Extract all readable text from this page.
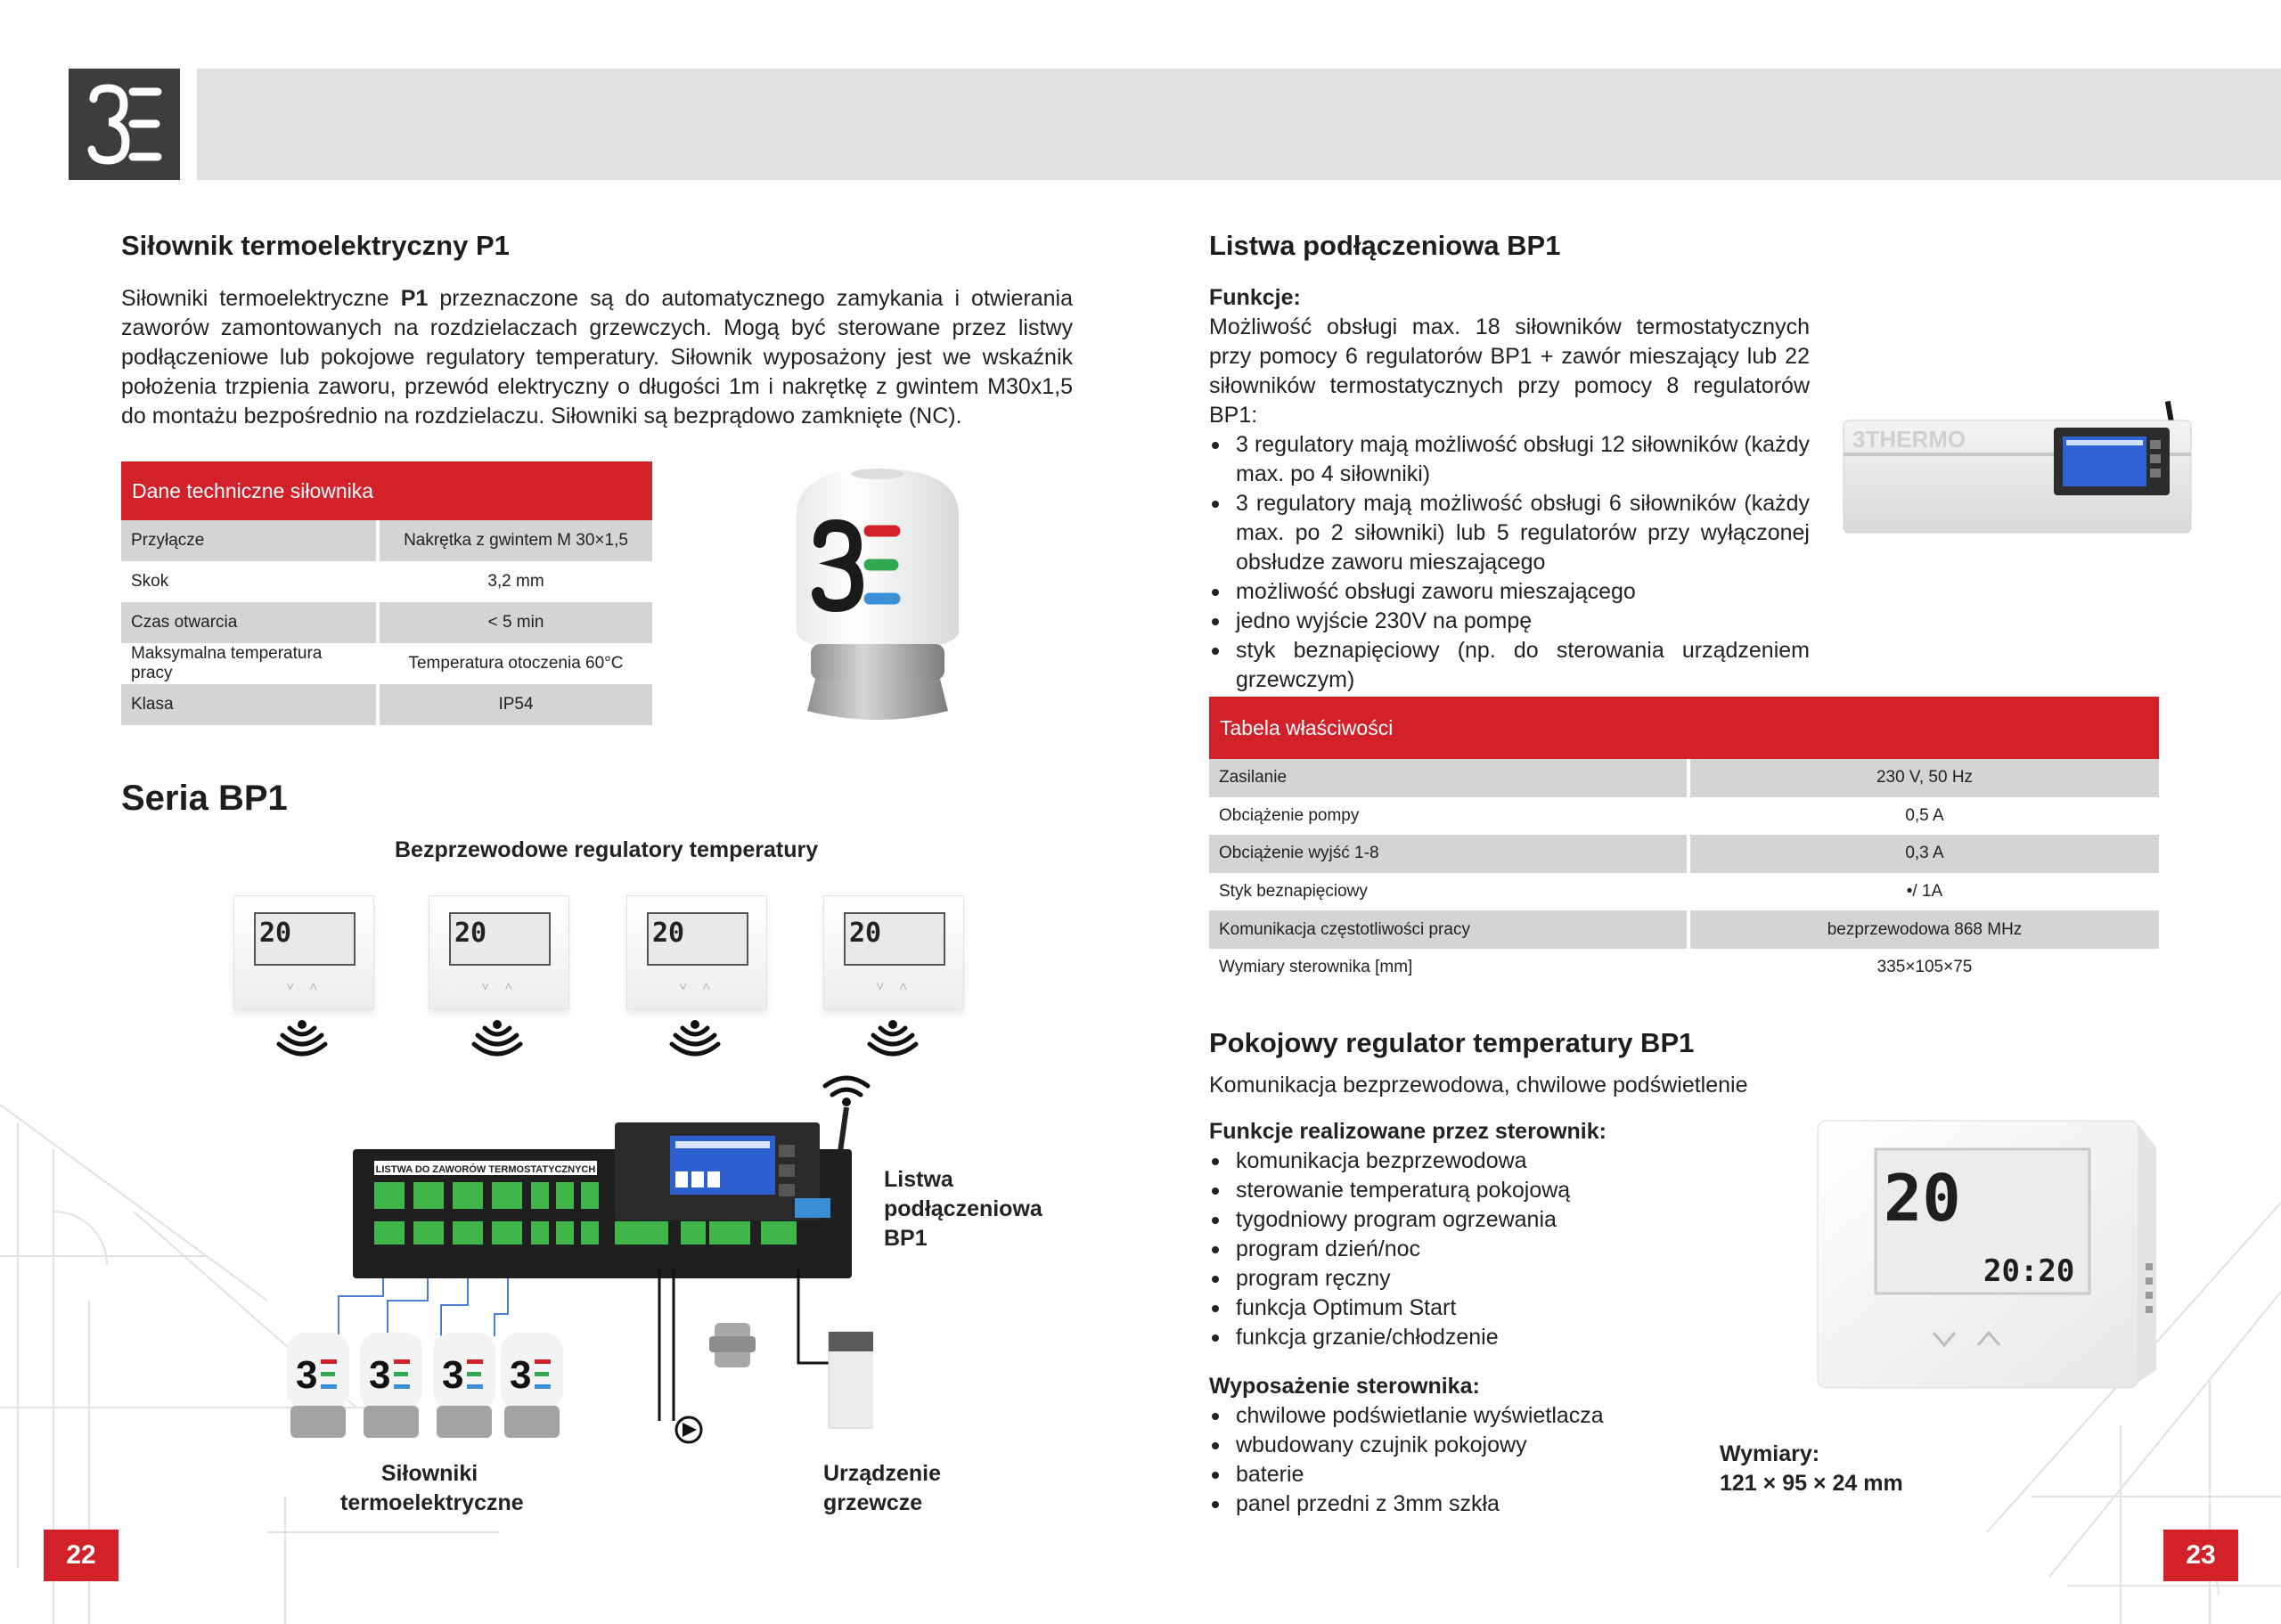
Siłownik termoelektryczny P1

Siłowniki termoelektryczne P1 przeznaczone są do automatycznego zamykania i otwierania zaworów zamontowanych na rozdzielaczach grzewczych. Mogą być sterowane przez listwy podłączeniowe lub pokojowe regulatory temperatury. Siłownik wyposażony jest we wskaźnik położenia trzpienia zaworu, przewód elektryczny o długości 1m i nakrętkę z gwintem M30x1,5 do montażu bezpośrednio na rozdzielaczu. Siłowniki są bezprądowo zamknięte (NC).

Dane techniczne siłownika
Przyłącze	Nakrętka z gwintem M 30×1,5
Skok	3,2 mm
Czas otwarcia	< 5 min
Maksymalna temperatura pracy	Temperatura otoczenia 60°C
Klasa	IP54
Seria BP1
Bezprzewodowe regulatory temperatury
20
˅ ˄
20
˅ ˄
20
˅ ˄
20
˅ ˄
LISTWA DO ZAWORÓW TERMOSTATYCZNYCH
3 3 3 3
Listwa
podłączeniowa
BP1
Siłowniki
termoelektryczne
Urządzenie
grzewcze
22
Listwa podłączeniowa BP1
Funkcje:

Możliwość obsługi max. 18 siłowników termostatycznych przy pomocy 6 regulatorów BP1 + zawór mieszający lub 22 siłowników termostatycznych przy pomocy 8 regulatorów BP1:

3 regulatory mają możliwość obsługi 12 siłowników (każdy max. po 4 siłowniki)
3 regulatory mają możliwość obsługi 6 siłowników (każdy max. po 2 siłowniki) lub 5 regulatorów przy wyłączonej obsłudze zaworu mieszającego
możliwość obsługi zaworu mieszającego
jedno wyjście 230V na pompę
styk beznapięciowy (np. do sterowania urządzeniem grzewczym)
3THERMO
Tabela właściwości
Zasilanie	230 V, 50 Hz
Obciążenie pompy	0,5 A
Obciążenie wyjść 1-8	0,3 A
Styk beznapięciowy	•/ 1A
Komunikacja częstotliwości pracy	bezprzewodowa 868 MHz
Wymiary sterownika [mm]	335×105×75
Pokojowy regulator temperatury BP1
Komunikacja bezprzewodowa, chwilowe podświetlenie
Funkcje realizowane przez sterownik:
komunikacja bezprzewodowa
sterowanie temperaturą pokojową
tygodniowy program ogrzewania
program dzień/noc
program ręczny
funkcja Optimum Start
funkcja grzanie/chłodzenie
Wyposażenie sterownika:
chwilowe podświetlanie wyświetlacza
wbudowany czujnik pokojowy
baterie
panel przedni z 3mm szkła
20
20:20
Wymiary:
121 × 95 × 24 mm
23
